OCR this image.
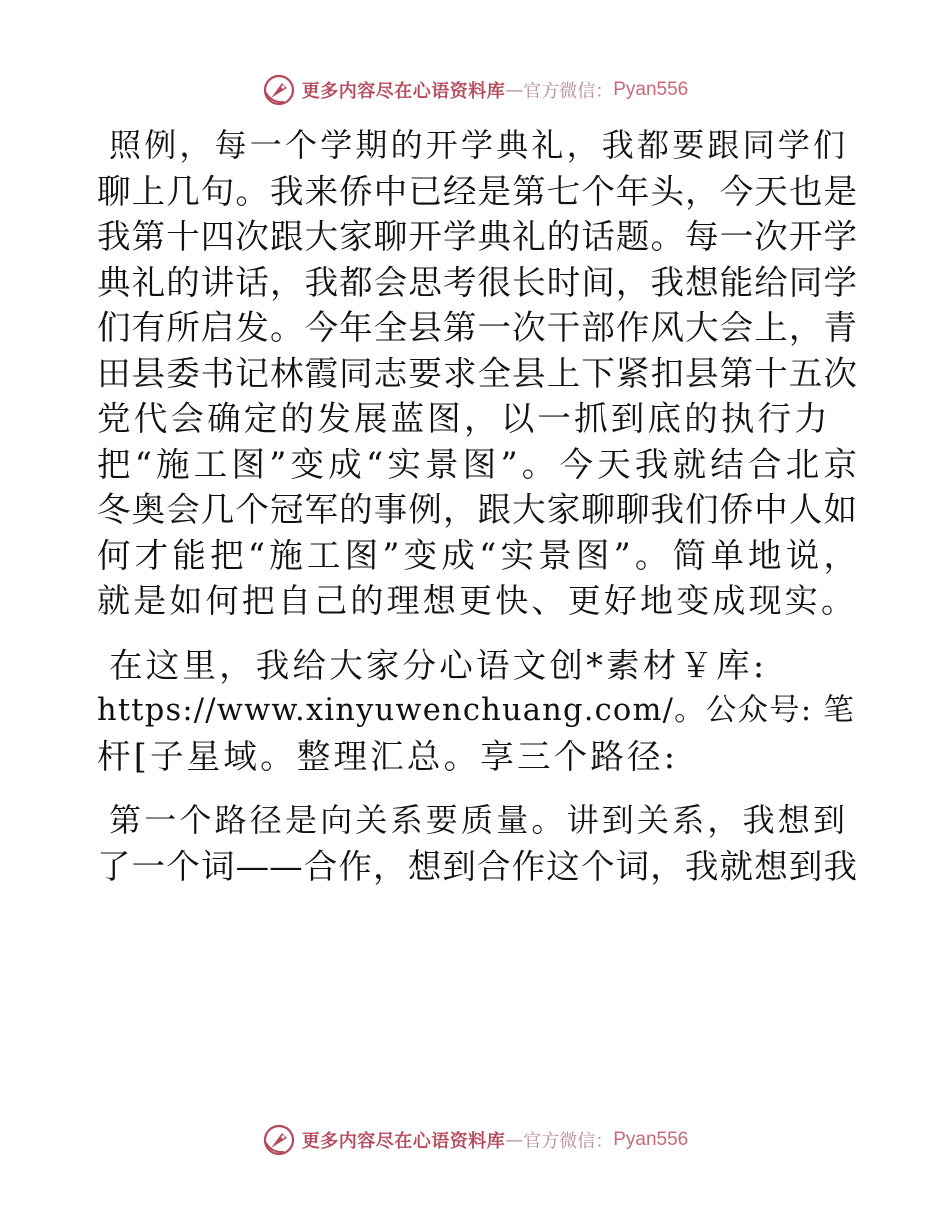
更多内容尽在心语资料库 — 官方微信： Pyan556
照例，每一个学期的开学典礼，我都要跟同学们
聊上几句。我来侨中已经是第七个年头，今天也是
我第十四次跟大家聊开学典礼的话题。每一次开学
典礼的讲话，我都会思考很长时间，我想能给同学
们有所启发。今年全县第一次干部作风大会上，青
田县委书记林霞同志要求全县上下紧扣县第十五次
党代会确定的发展蓝图，以一抓到底的执行力
把“施工图”变成“实景图”。今天我就结合北京
冬奥会几个冠军的事例，跟大家聊聊我们侨中人如
何才能把“施工图”变成“实景图”。简单地说，
就是如何把自己的理想更快、更好地变成现实。
在这里，我给大家分心语文创*素材￥库:
https://www.xinyuwenchuang.com/。公众号: 笔
杆[子星域。整理汇总。享三个路径:
第一个路径是向关系要质量。讲到关系，我想到
了一个词——合作，想到合作这个词，我就想到我
更多内容尽在心语资料库 — 官方微信： Pyan556
